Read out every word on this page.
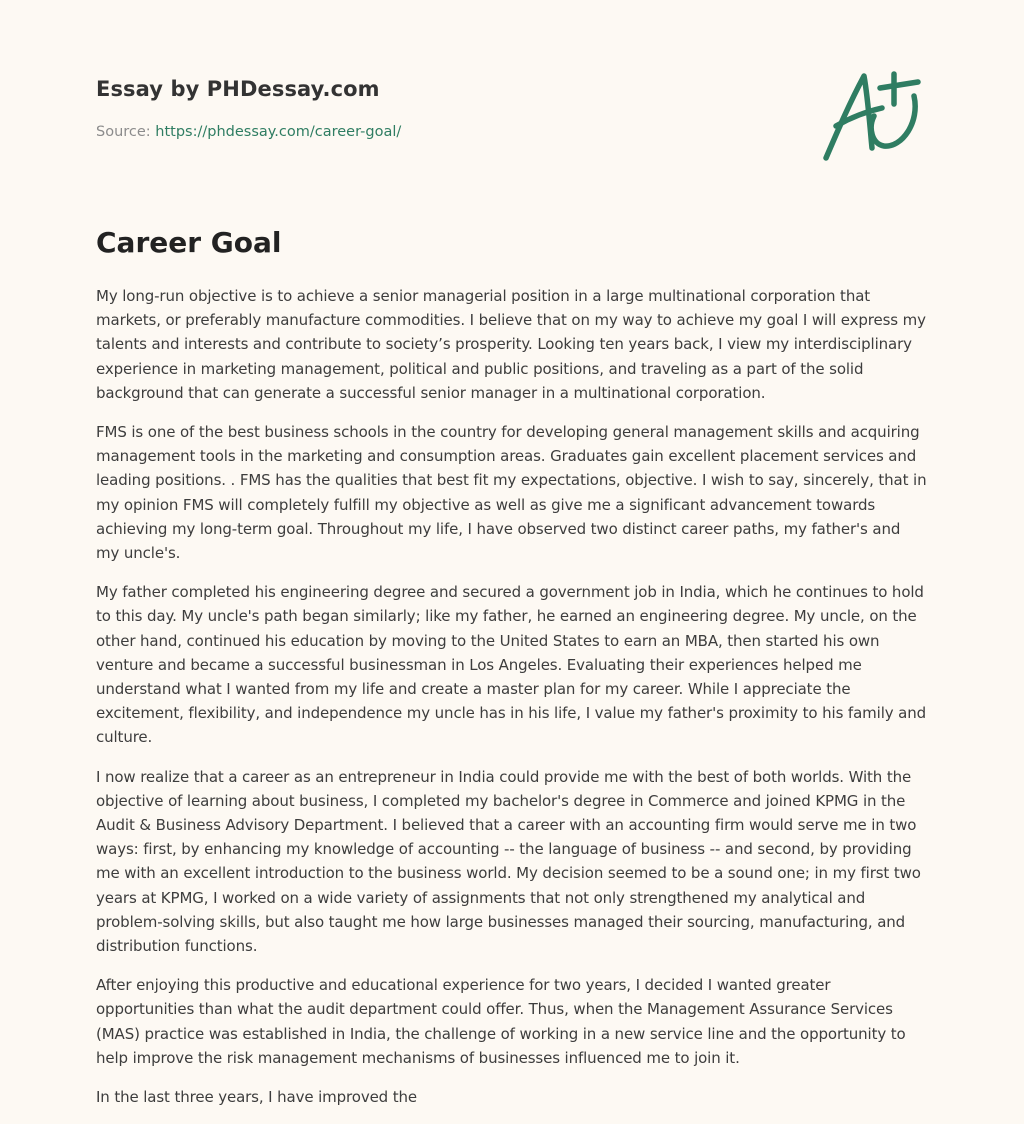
Essay by PHDessay.com
Source: https://phdessay.com/career-goal/
Career Goal

My long-run objective is to achieve a senior managerial position in a large multinational corporation that markets, or preferably manufacture commodities. I believe that on my way to achieve my goal I will express my talents and interests and contribute to society’s prosperity. Looking ten years back, I view my interdisciplinary experience in marketing management, political and public positions, and traveling as a part of the solid background that can generate a successful senior manager in a multinational corporation.

FMS is one of the best business schools in the country for developing general management skills and acquiring management tools in the marketing and consumption areas. Graduates gain excellent placement services and leading positions. . FMS has the qualities that best fit my expectations, objective. I wish to say, sincerely, that in my opinion FMS will completely fulfill my objective as well as give me a significant advancement towards achieving my long-term goal. Throughout my life, I have observed two distinct career paths, my father's and my uncle's.

My father completed his engineering degree and secured a government job in India, which he continues to hold to this day. My uncle's path began similarly; like my father, he earned an engineering degree. My uncle, on the other hand, continued his education by moving to the United States to earn an MBA, then started his own venture and became a successful businessman in Los Angeles. Evaluating their experiences helped me understand what I wanted from my life and create a master plan for my career. While I appreciate the excitement, flexibility, and independence my uncle has in his life, I value my father's proximity to his family and culture.

I now realize that a career as an entrepreneur in India could provide me with the best of both worlds. With the objective of learning about business, I completed my bachelor's degree in Commerce and joined KPMG in the Audit & Business Advisory Department. I believed that a career with an accounting firm would serve me in two ways: first, by enhancing my knowledge of accounting -- the language of business -- and second, by providing me with an excellent introduction to the business world. My decision seemed to be a sound one; in my first two years at KPMG, I worked on a wide variety of assignments that not only strengthened my analytical and problem-solving skills, but also taught me how large businesses managed their sourcing, manufacturing, and distribution functions.

After enjoying this productive and educational experience for two years, I decided I wanted greater opportunities than what the audit department could offer. Thus, when the Management Assurance Services (MAS) practice was established in India, the challenge of working in a new service line and the opportunity to help improve the risk management mechanisms of businesses influenced me to join it.

In the last three years, I have improved the
